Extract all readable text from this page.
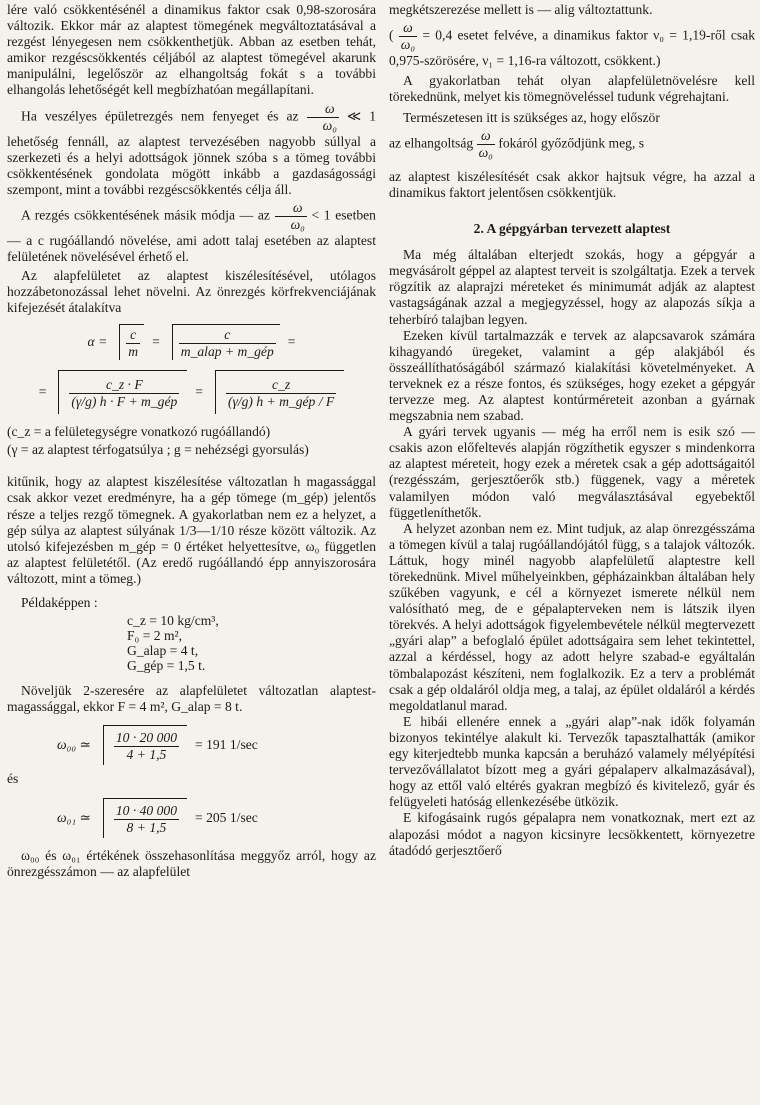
lére való csökkentésénél a dinamikus faktor csak 0,98-szorosára változik. Ekkor már az alaptest tömegének megváltoztatásával a rezgést lényegesen nem csökkenthetjük. Abban az esetben tehát, amikor rezgéscsökkentés céljából az alaptest tömegével akarunk manipulálni, legelőször az elhangoltság fokát s a további elhangolás lehetőségét kell megbízhatóan megállapítani.

Ha veszélyes épületrezgés nem fenyeget és az $\frac{\omega}{\text{ω₀}}$ ≪ 1 lehetőség fennáll, az alaptest tervezésében nagyobb súllyal a szerkezeti és a helyi adottságok jönnek szóba s a tömeg további csökkentésének gondolata mögött inkább a gazdaságossági szempont, mint a további rezgéscsökkentés célja áll.

A rezgés csökkentésének másik módja — az $\frac{\omega}{\text{ω₀}} < 1$ esetben — a c rugóállandó növelése, ami adott talaj esetében az alaptest felületének növelésével érhető el.

Az alapfelületet az alaptest kiszélesítésével, utólagos hozzábetonozással lehet növelni. Az önrezgés körfrekvenciájának kifejezését átalakítva

$\alpha = \frac{c}{m} = \frac{c}{\text{m\_alap + m\_gép}}$ =
= $\frac{c\_z \cdot F}{\text{(γ/g) h · F + m\_gép}} = \frac{c\_z}{\text{(γ/g) h + m\_gép / F}}$

(c_z = a felületegységre vonatkozó rugóállandó)

(γ = az alaptest térfogatsúlya ; g = nehézségi gyorsulás)

kitűnik, hogy az alaptest kiszélesítése változatlan h magassággal csak akkor vezet eredményre, ha a gép tömege (m_gép) jelentős része a teljes rezgő tömegnek. A gyakorlatban nem ez a helyzet, a gép súlya az alaptest súlyának 1/3—1/10 része között változik. Az utolsó kifejezésben m_gép = 0 értéket helyettesítve, ω₀ független az alaptest felületétől. (Az eredő rugóállandó épp annyiszorosára változott, mint a tömeg.)

Példaképpen :

c_z = 10 kg/cm³,
F₀ = 2 m²,
G_alap = 4 t,
G_gép = 1,5 t.

Növeljük 2-szeresére az alapfelületet változatlan alaptest-magassággal, ekkor F = 4 m², G_alap = 8 t.

ω₀₀ ≃ $\frac{10 \cdot 20 000}{4 + 1,5} = 191$ 1/sec

és

ω₀₁ ≃ $\frac{10 \cdot 40 000}{8 + 1,5} = 205$ 1/sec

ω₀₀ és ω₀₁ értékének összehasonlítása meggyőz arról, hogy az önrezgésszámon — az alapfelület

megkétszerezése mellett is — alig változtattunk.

( $\frac{\omega}{\text{ω₀}} = 0,4$ esetet felvéve, a dinamikus faktor ν₀ = 1,19-ről csak 0,975-szörösére, ν₁ = 1,16-ra változott, csökkent.)

A gyakorlatban tehát olyan alapfelületnövelésre kell törekednünk, melyet kis tömegnöveléssel tudunk végrehajtani.

Természetesen itt is szükséges az, hogy először

az elhangoltság $\frac{\omega}{\text{ω₀}}$ fokáról győződjünk meg, s

az alaptest kiszélesítését csak akkor hajtsuk végre, ha azzal a dinamikus faktort jelentősen csökkentjük.

2. A gépgyárban tervezett alaptest

Ma még általában elterjedt szokás, hogy a gépgyár a megvásárolt géppel az alaptest terveit is szolgáltatja. Ezek a tervek rögzítik az alaprajzi méreteket és minimumát adják az alaptest vastagságának azzal a megjegyzéssel, hogy az alapozás síkja a teherbíró talajban legyen.

Ezeken kívül tartalmazzák e tervek az alapcsavarok számára kihagyandó üregeket, valamint a gép alakjából és összeállíthatóságából származó kialakítási követelményeket. A terveknek ez a része fontos, és szükséges, hogy ezeket a gépgyár tervezze meg. Az alaptest kontúrméreteit azonban a gyárnak megszabnia nem szabad.

A gyári tervek ugyanis — még ha erről nem is esik szó — csakis azon előfeltevés alapján rögzíthetik egyszer s mindenkorra az alaptest méreteit, hogy ezek a méretek csak a gép adottságaitól (rezgésszám, gerjesztőerők stb.) függenek, vagy a méretek valamilyen módon való megválasztásával egyebektől függetleníthetők.

A helyzet azonban nem ez. Mint tudjuk, az alap önrezgésszáma a tömegen kívül a talaj rugóállandójától függ, s a talajok változók. Láttuk, hogy minél nagyobb alapfelületű alaptestre kell törekednünk. Mivel műhelyeinkben, gépházainkban általában hely szűkében vagyunk, e cél a környezet ismerete nélkül nem valósítható meg, de e gépalapterveken nem is látszik ilyen törekvés. A helyi adottságok figyelembevétele nélkül megtervezett „gyári alap” a befoglaló épület adottságaira sem lehet tekintettel, azzal a kérdéssel, hogy az adott helyre szabad-e egyáltalán tömbalapozást készíteni, nem foglalkozik. Ez a terv a problémát csak a gép oldaláról oldja meg, a talaj, az épület oldaláról a kérdés megoldatlanul marad.

E hibái ellenére ennek a „gyári alap”-nak idők folyamán bizonyos tekintélye alakult ki. Tervezők tapasztalhatták (amikor egy kiterjedtebb munka kapcsán a beruházó valamely mélyépítési tervezővállalatot bízott meg a gyári gépalaperv alkalmazásával), hogy az ettől való eltérés gyakran megbízó és kivitelező, gyár és felügyeleti hatóság ellenkezésébe ütközik.

E kifogásaink rugós gépalapra nem vonatkoznak, mert ezt az alapozási módot a nagyon kicsinyre lecsökkentett, környezetre átadódó gerjesztőerő
